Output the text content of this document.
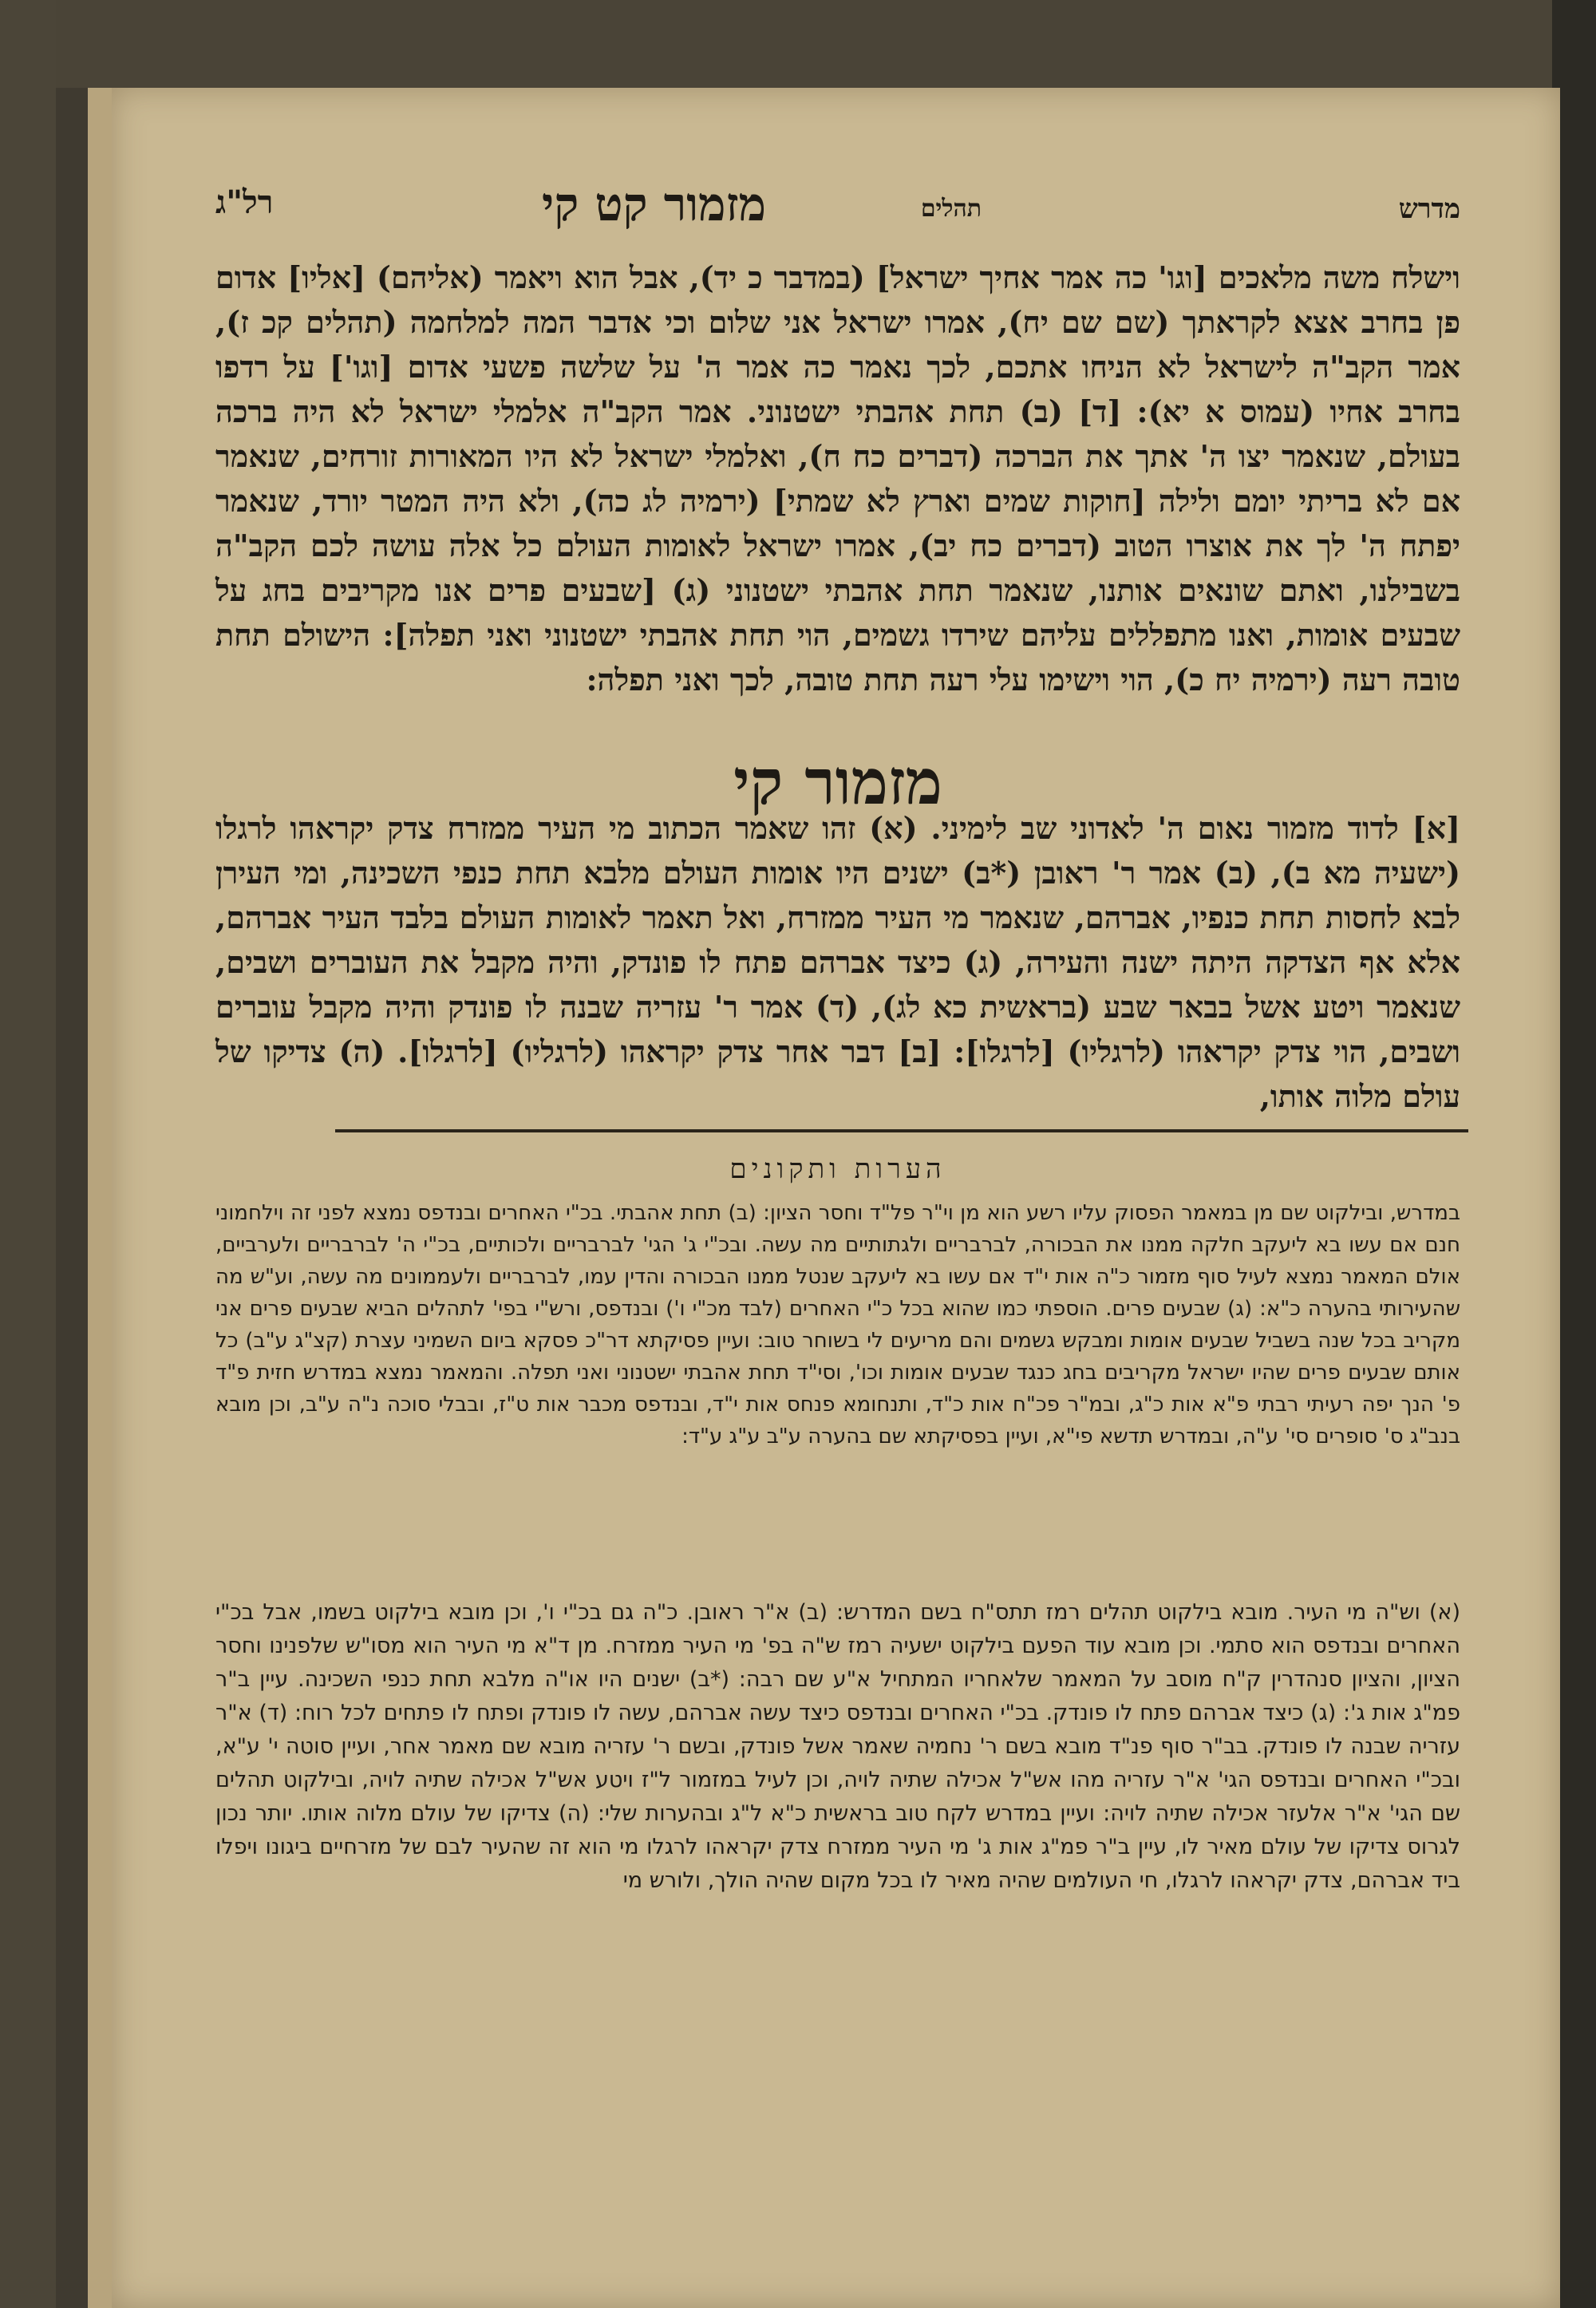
מדרש
מזמור קט קי	תהלים
רל"ג
וישלח משה מלאכים [וגו' כה אמר אחיך ישראל] (במדבר כ יד), אבל הוא ויאמר (אליהם) [אליו] אדום פן בחרב אצא לקראתך (שם שם יח), אמרו ישראל אני שלום וכי אדבר המה למלחמה (תהלים קכ ז), אמר הקב"ה לישראל לא הניחו אתכם, לכך נאמר כה אמר ה' על שלשה פשעי אדום [וגו'] על רדפו בחרב אחיו (עמוס א יא): [ד] (ב) תחת אהבתי ישטנוני. אמר הקב"ה אלמלי ישראל לא היה ברכה בעולם, שנאמר יצו ה' אתך את הברכה (דברים כח ח), ואלמלי ישראל לא היו המאורות זורחים, שנאמר אם לא בריתי יומם ולילה [חוקות שמים וארץ לא שמתי] (ירמיה לג כה), ולא היה המטר יורד, שנאמר יפתח ה' לך את אוצרו הטוב (דברים כח יב), אמרו ישראל לאומות העולם כל אלה עושה לכם הקב"ה בשבילנו, ואתם שונאים אותנו, שנאמר תחת אהבתי ישטנוני (ג) [שבעים פרים אנו מקריבים בחג על שבעים אומות, ואנו מתפללים עליהם שירדו גשמים, הוי תחת אהבתי ישטנוני ואני תפלה]: הישולם תחת טובה רעה (ירמיה יח כ), הוי וישימו עלי רעה תחת טובה, לכך ואני תפלה:
מזמור קי
[א] לדוד מזמור נאום ה' לאדוני שב לימיני. (א) זהו שאמר הכתוב מי העיר ממזרח צדק יקראהו לרגלו (ישעיה מא ב), (ב) אמר ר' ראובן (*ב) ישנים היו אומות העולם מלבא תחת כנפי השכינה, ומי העירן לבא לחסות תחת כנפיו, אברהם, שנאמר מי העיר ממזרח, ואל תאמר לאומות העולם בלבד העיר אברהם, אלא אף הצדקה היתה ישנה והעירה, (ג) כיצד אברהם פתח לו פונדק, והיה מקבל את העוברים ושבים, שנאמר ויטע אשל בבאר שבע (בראשית כא לג), (ד) אמר ר' עזריה שבנה לו פונדק והיה מקבל עוברים ושבים, הוי צדק יקראהו (לרגליו) [לרגלו]: [ב] דבר אחר צדק יקראהו (לרגליו) [לרגלו]. (ה) צדיקו של עולם מלוה אותו,
הערות ותקונים
במדרש, ובילקוט שם מן במאמר הפסוק עליו רשע הוא מן וי"ר פל"ד וחסר הציון: (ב) תחת אהבתי. בכ"י האחרים ובנדפס נמצא לפני זה וילחמוני חנם אם עשו בא ליעקב חלקה ממנו את הבכורה, לברבריים ולגתותיים מה עשה. ובכ"י ג' הגי' לברבריים ולכותיים, בכ"י ה' לברבריים ולערביים, אולם המאמר נמצא לעיל סוף מזמור כ"ה אות י"ד אם עשו בא ליעקב שנטל ממנו הבכורה והדין עמו, לברבריים ולעממונים מה עשה, וע"ש מה שהעירותי בהערה כ"א: (ג) שבעים פרים. הוספתי כמו שהוא בכל כ"י האחרים (לבד מכ"י ו') ובנדפס, ורש"י בפי' לתהלים הביא שבעים פרים אני מקריב בכל שנה בשביל שבעים אומות ומבקש גשמים והם מריעים לי בשוחר טוב: ועיין פסיקתא דר"כ פסקא ביום השמיני עצרת (קצ"ג ע"ב) כל אותם שבעים פרים שהיו ישראל מקריבים בחג כנגד שבעים אומות וכו', וסי"ד תחת אהבתי ישטנוני ואני תפלה. והמאמר נמצא במדרש חזית פ"ד פ' הנך יפה רעיתי רבתי פ"א אות כ"ג, ובמ"ר פכ"ח אות כ"ד, ותנחומא פנחס אות י"ד, ובנדפס מכבר אות ט"ז, ובבלי סוכה נ"ה ע"ב, וכן מובא בנב"ג ס' סופרים סי' ע"ה, ובמדרש תדשא פי"א, ועיין בפסיקתא שם בהערה ע"ב ע"ג ע"ד:
(א) וש"ה מי העיר. מובא בילקוט תהלים רמז תתס"ח בשם המדרש: (ב) א"ר ראובן. כ"ה גם בכ"י ו', וכן מובא בילקוט בשמו, אבל בכ"י האחרים ובנדפס הוא סתמי. וכן מובא עוד הפעם בילקוט ישעיה רמז ש"ה בפ' מי העיר ממזרח. מן ד"א מי העיר הוא מסו"ש שלפנינו וחסר הציון, והציון סנהדרין ק"ח מוסב על המאמר שלאחריו המתחיל א"ע שם רבה: (*ב) ישנים היו או"ה מלבא תחת כנפי השכינה. עיין ב"ר פמ"ג אות ג': (ג) כיצד אברהם פתח לו פונדק. בכ"י האחרים ובנדפס כיצד עשה אברהם, עשה לו פונדק ופתח לו פתחים לכל רוח: (ד) א"ר עזריה שבנה לו פונדק. בב"ר סוף פנ"ד מובא בשם ר' נחמיה שאמר אשל פונדק, ובשם ר' עזריה מובא שם מאמר אחר, ועיין סוטה י' ע"א, ובכ"י האחרים ובנדפס הגי' א"ר עזריה מהו אש"ל אכילה שתיה לויה, וכן לעיל במזמור ל"ז ויטע אש"ל אכילה שתיה לויה, ובילקוט תהלים שם הגי' א"ר אלעזר אכילה שתיה לויה: ועיין במדרש לקח טוב בראשית כ"א ל"ג ובהערות שלי: (ה) צדיקו של עולם מלוה אותו. יותר נכון לגרוס צדיקו של עולם מאיר לו, עיין ב"ר פמ"ג אות ג' מי העיר ממזרח צדק יקראהו לרגלו מי הוא זה שהעיר לבם של מזרחיים ביגונו ויפלו ביד אברהם, צדק יקראהו לרגלו, חי העולמים שהיה מאיר לו בכל מקום שהיה הולך, ולורש מי
